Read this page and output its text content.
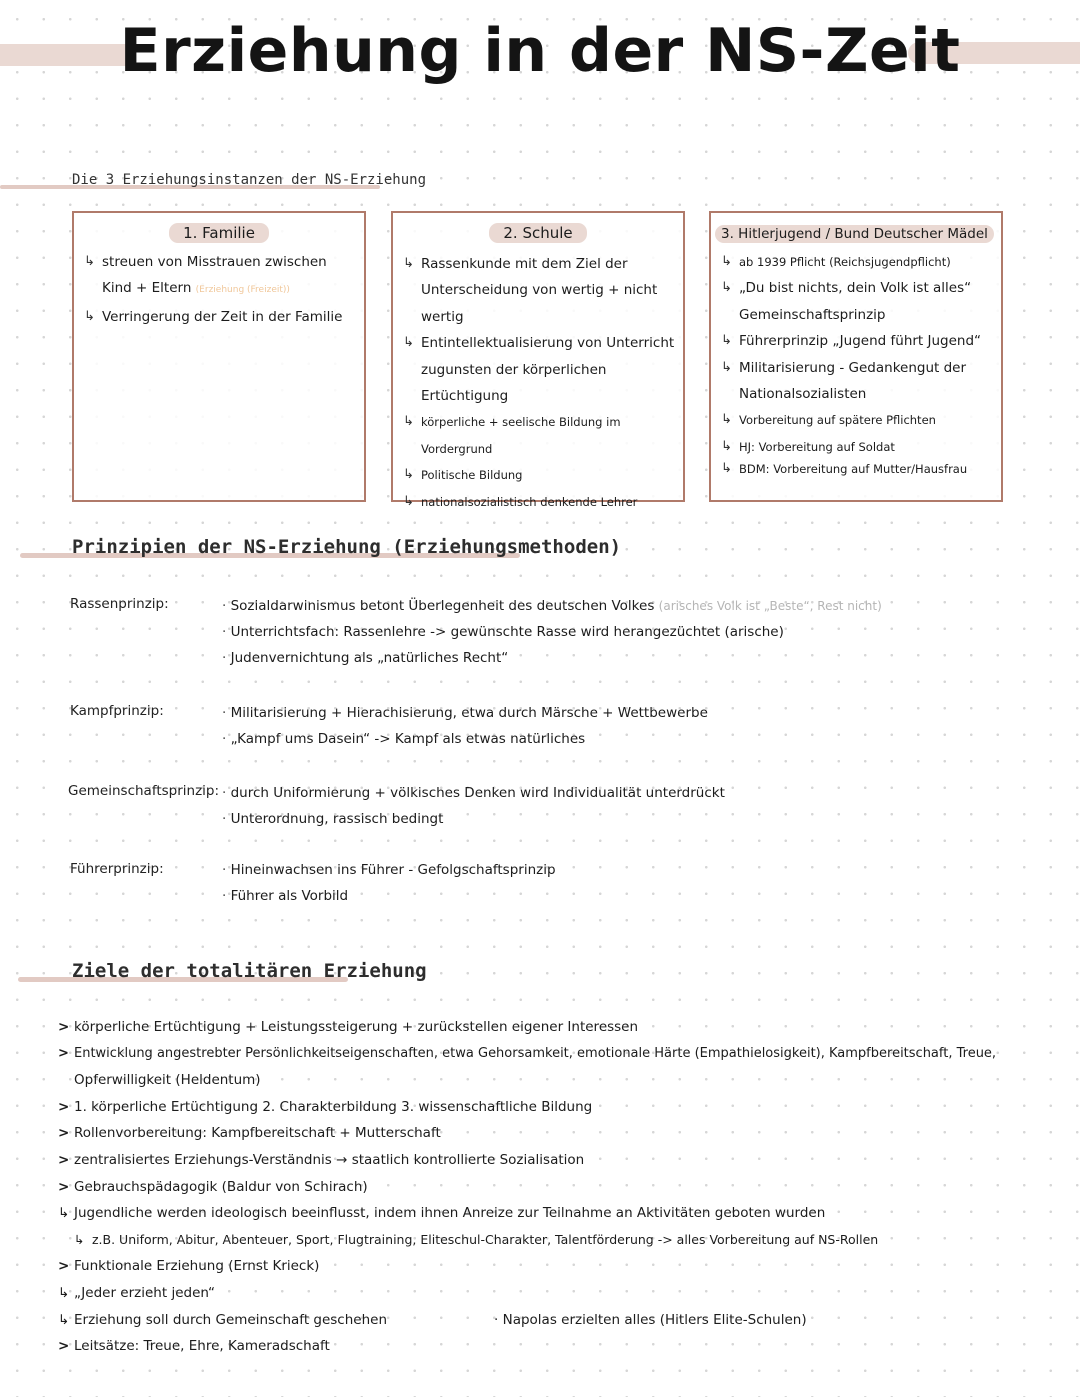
Erziehung in der NS-Zeit
Die 3 Erziehungsinstanzen der NS-Erziehung
1. Familie
↳ streuen von Misstrauen zwischen Kind + Eltern (Erziehung (Freizeit))
↳ Verringerung der Zeit in der Familie
2. Schule
↳ Rassenkunde mit dem Ziel der Unterscheidung von wertig + nicht wertig
↳ Entintellektualisierung von Unterricht zugunsten der körperlichen Ertüchtigung
↳ körperliche + seelische Bildung im Vordergrund
↳ Politische Bildung
↳ nationalsozialistisch denkende Lehrer
3. Hitlerjugend / Bund Deutscher Mädel
↳ ab 1939 Pflicht (Reichsjugendpflicht)
↳ „Du bist nichts, dein Volk ist alles“ Gemeinschaftsprinzip
↳ Führerprinzip „Jugend führt Jugend“
↳ Militarisierung - Gedankengut der Nationalsozialisten
↳ Vorbereitung auf spätere Pflichten
↳ HJ: Vorbereitung auf Soldat
↳ BDM: Vorbereitung auf Mutter/Hausfrau
Prinzipien der NS-Erziehung (Erziehungsmethoden)
Rassenprinzip:	· Sozialdarwinismus betont Überlegenheit des deutschen Volkes (arisches Volk ist „Beste“, Rest nicht)
· Unterrichtsfach: Rassenlehre -> gewünschte Rasse wird herangezüchtet (arische)
· Judenvernichtung als „natürliches Recht“
Kampfprinzip:	· Militarisierung + Hierachisierung, etwa durch Märsche + Wettbewerbe
· „Kampf ums Dasein“ -> Kampf als etwas natürliches
Gemeinschaftsprinzip: · durch Uniformierung + völkisches Denken wird Individualität unterdrückt
· Unterordnung, rassisch bedingt
Führerprinzip:	· Hineinwachsen ins Führer - Gefolgschaftsprinzip
· Führer als Vorbild
Ziele der totalitären Erziehung
> körperliche Ertüchtigung + Leistungssteigerung + zurückstellen eigener Interessen
> Entwicklung angestrebter Persönlichkeitseigenschaften, etwa Gehorsamkeit, emotionale Härte (Empathielosigkeit), Kampfbereitschaft, Treue,
Opferwilligkeit (Heldentum)
> 1. körperliche Ertüchtigung 2. Charakterbildung 3. wissenschaftliche Bildung
> Rollenvorbereitung: Kampfbereitschaft + Mutterschaft
> zentralisiertes Erziehungs-Verständnis → staatlich kontrollierte Sozialisation
> Gebrauchspädagogik (Baldur von Schirach)
↳ Jugendliche werden ideologisch beeinflusst, indem ihnen Anreize zur Teilnahme an Aktivitäten geboten wurden
↳ z.B. Uniform, Abitur, Abenteuer, Sport, Flugtraining, Eliteschul-Charakter, Talentförderung -> alles Vorbereitung auf NS-Rollen
> Funktionale Erziehung (Ernst Krieck)
↳ „Jeder erzieht jeden“
↳ Erziehung soll durch Gemeinschaft geschehen	· Napolas erzielten alles (Hitlers Elite-Schulen)
> Leitsätze: Treue, Ehre, Kameradschaft
